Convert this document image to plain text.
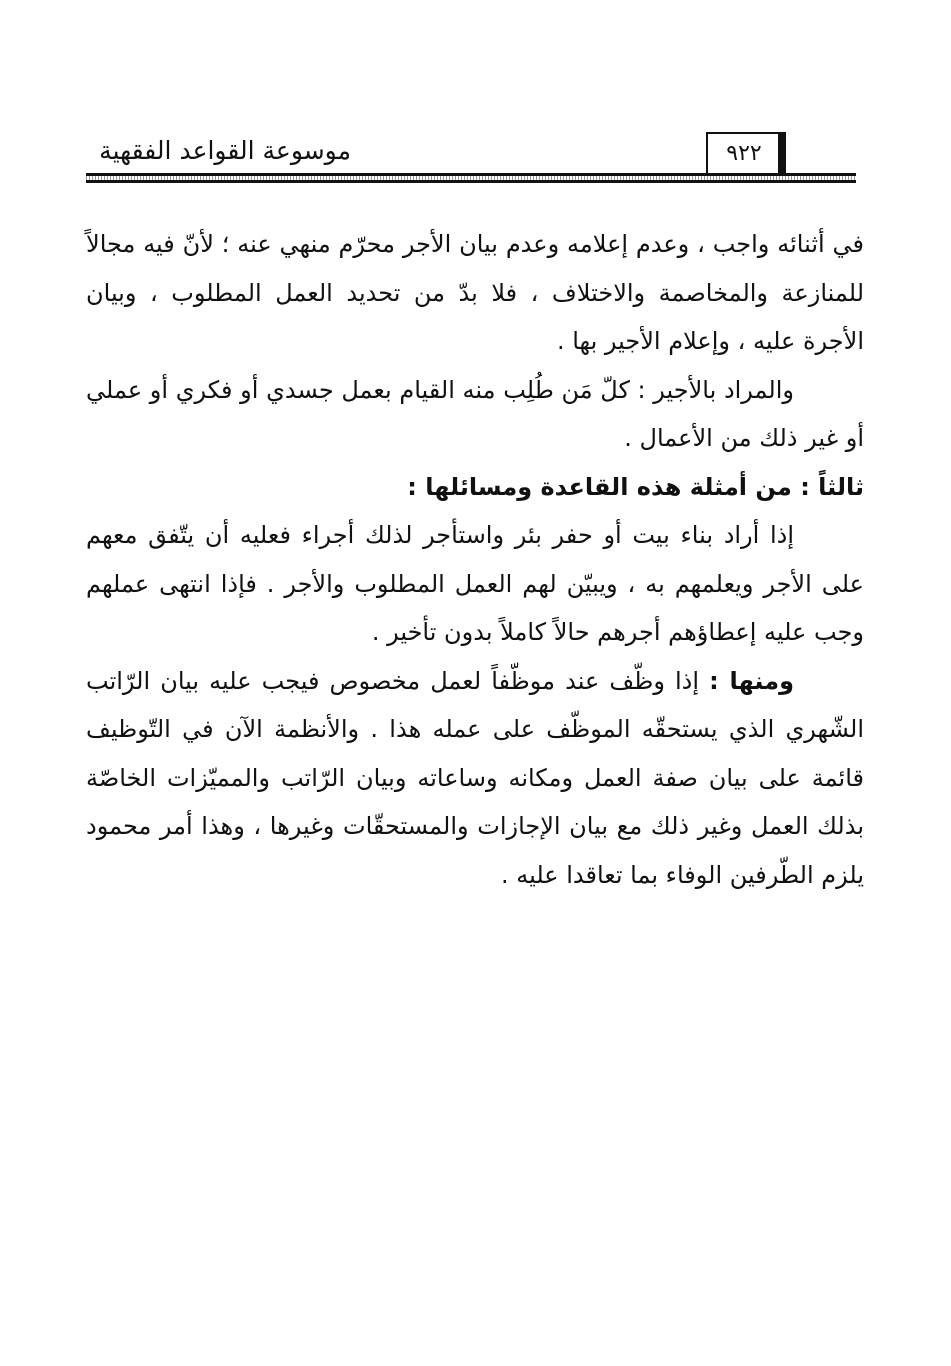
٩٢٢
موسوعة القواعد الفقهية

في أثنائه واجب ، وعدم إعلامه وعدم بيان الأجر محرّم منهي عنه ؛ لأنّ فيه مجالاً للمنازعة والمخاصمة والاختلاف ، فلا بدّ من تحديد العمل المطلوب ، وبيان الأجرة عليه ، وإعلام الأجير بها .

والمراد بالأجير : كلّ مَن طُلِب منه القيام بعمل جسدي أو فكري أو عملي أو غير ذلك من الأعمال .

ثالثاً : من أمثلة هذه القاعدة ومسائلها :

إذا أراد بناء بيت أو حفر بئر واستأجر لذلك أجراء فعليه أن يتّفق معهم على الأجر ويعلمهم به ، ويبيّن لهم العمل المطلوب والأجر . فإذا انتهى عملهم وجب عليه إعطاؤهم أجرهم حالاً كاملاً بدون تأخير .

ومنها : إذا وظّف عند موظّفاً لعمل مخصوص فيجب عليه بيان الرّاتب الشّهري الذي يستحقّه الموظّف على عمله هذا . والأنظمة الآن في التّوظيف قائمة على بيان صفة العمل ومكانه وساعاته وبيان الرّاتب والمميّزات الخاصّة بذلك العمل وغير ذلك مع بيان الإجازات والمستحقّات وغيرها ، وهذا أمر محمود يلزم الطّرفين الوفاء بما تعاقدا عليه .
